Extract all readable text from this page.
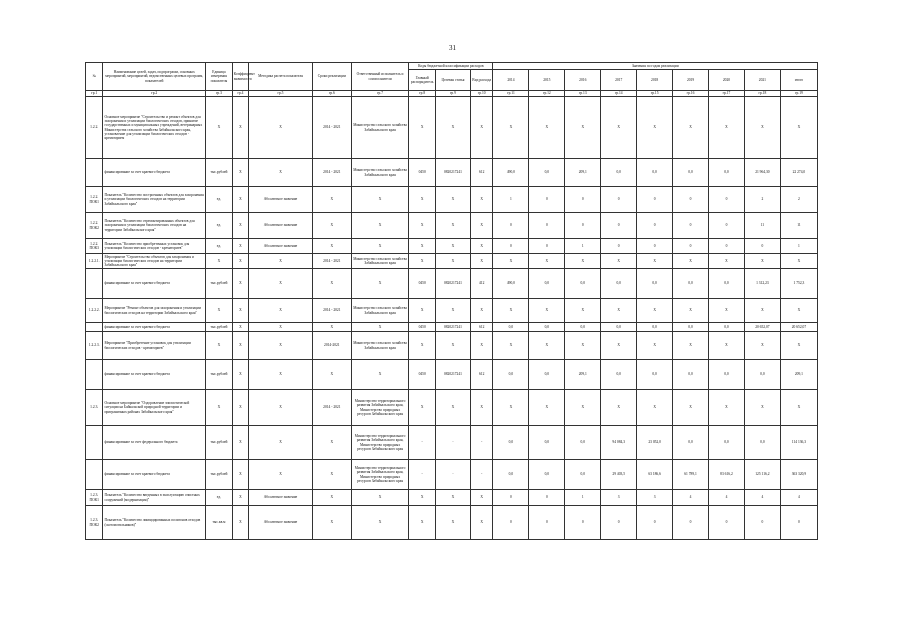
31
№	Наименование целей, задач, подпрограмм, основных мероприятий, мероприятий, ведомственных целевых программ, показателей	Единица измерения показателя	Коэффициент значимости	Методика расчета показателя	Сроки реализации	Ответственный исполнитель и соисполнители	Коды бюджетной классификации расходов			Значения по годам реализации								
							Главный распорядитель	Целевая статья	Вид расхода	2014	2015	2016	2017	2018	2019	2020	2021	итого
гр.1	гр.2	гр.3	гр.4	гр.5	гр.6	гр.7	гр.8	гр.9	гр.10	гр.11	гр.12	гр.13	гр.14	гр.15	гр.16	гр.17	гр.18	гр.19
1.2.2.	Основное мероприятие "Строительство и ремонт объектов для захоронения и утилизации биологических отходов, принятие государственных и муниципальных учреждений, ветеринарных Министерства сельского хозяйства Забайкальского края, установление для утилизации биологических отходов - крематорием	X	X	X	2014 - 2021	Министерство сельского хозяйства Забайкальского края	X	X	X	X	X	X	X	X	X	X	X	X
	финансирование за счет краевого бюджета	тыс.рублей	X	X	2014 - 2021	Министерство сельского хозяйства Забайкальского края	0450	0820217241	612	490,0	0,0	209,1	0,0	0,0	0,0	0,0	21 964,30	22 274,0
1.2.2. ПОК1	Показатель "Количество построенных объектов для захоронения и утилизации биологических отходов на территории Забайкальского края"	ед.	X	Абсолютное значение	X	X	X	X	X	1	0	0	0	0	0	0	2	2
1.2.2. ПОК2	Показатель "Количество отремонтированных объектов для захоронения и утилизации биологических отходов на территории Забайкальского края"	ед.	X	Абсолютное значение	X	X	X	X	X	0	0	0	0	0	0	0	11	11
1.2.2. ПОК3	Показатель "Количество приобретенных установок для утилизации биологических отходов - крематориев"	ед.	X	Абсолютное значение	X	X	X	X	X	0	0	1	0	0	0	0	0	1
1.2.2.1.	Мероприятие "Строительство объектов для захоронения и утилизации биологических отходов на территории Забайкальского края"	X	X	X	2014 - 2021	Министерство сельского хозяйства Забайкальского края	X	X	X	X	X	X	X	X	X	X	X	X
	финансирование за счет краевого бюджета	тыс.рублей	X	X	X	X	0450	0820217241	412	490,0	0,0	0,0	0,0	0,0	0,0	0,0	1 312,23	1 752,3
1.2.2.2.	Мероприятие "Ремонт объектов для захоронения и утилизации биологических отходов на территории Забайкальского края"	X	X	X	2014 - 2021	Министерство сельского хозяйства Забайкальского края	X	X	X	X	X	X	X	X	X	X	X	X
	финансирование за счет краевого бюджета	тыс.рублей	X	X	X	X	0450	0820217241	612	0,0	0,0	0,0	0,0	0,0	0,0	0,0	20 652,07	20 652,07
1.2.2.3.	Мероприятие "Приобретение установок для утилизации биологических отходов - крематориев"	X	X	X	2014-2021	Министерство сельского хозяйства Забайкальского края	X	X	X	X	X	X	X	X	X	X	X	X
	финансирование за счет краевого бюджета	тыс.рублей	X	X	X	X	0450	0820217241	612	0,0	0,0	209,1	0,0	0,0	0,0	0,0	0,0	209,1
1.2.3.	Основное мероприятие "Оздоровление эпизоотической ситуации на Байкальской природной территории и приграничных районах Забайкальского края"	X	X	X	2014 - 2021	Министерство территориального развития Забайкальского края, Министерство природных ресурсов Забайкальского края	X	X	X	X	X	X	X	X	X	X	X	X
	финансирование за счет федерального бюджета	тыс.рублей	X	X	X	Министерство территориального развития Забайкальского края, Министерство природных ресурсов Забайкальского края	-	-	-	0,0	0,0	0,0	94 084,3	23 052,0	0,0	0,0	0,0	114 136,3
	финансирование за счет краевого бюджета	тыс.рублей	X	X	X	Министерство территориального развития Забайкальского края, Министерство природных ресурсов Забайкальского края	-	-	-	0,0	0,0	0,0	29 403,5	63 186,6	61 789,1	83 616,2	125 116,2	363 320,9
1.2.3. ПОК1	Показатель "Количество введенных в эксплуатацию очистных сооружений (модернизация)"	ед.	X	Абсолютное значение	X	X	X	X	X	0	0	1	3	3	4	4	4	4
1.2.3. ПОК2	Показатель "Количество ликвидированных полигонов отходов (скотомогильников)"	тыс.кв.м	X	Абсолютное значение	X	X	X	X	X	0	0	0	0	0	0	0	0	0
